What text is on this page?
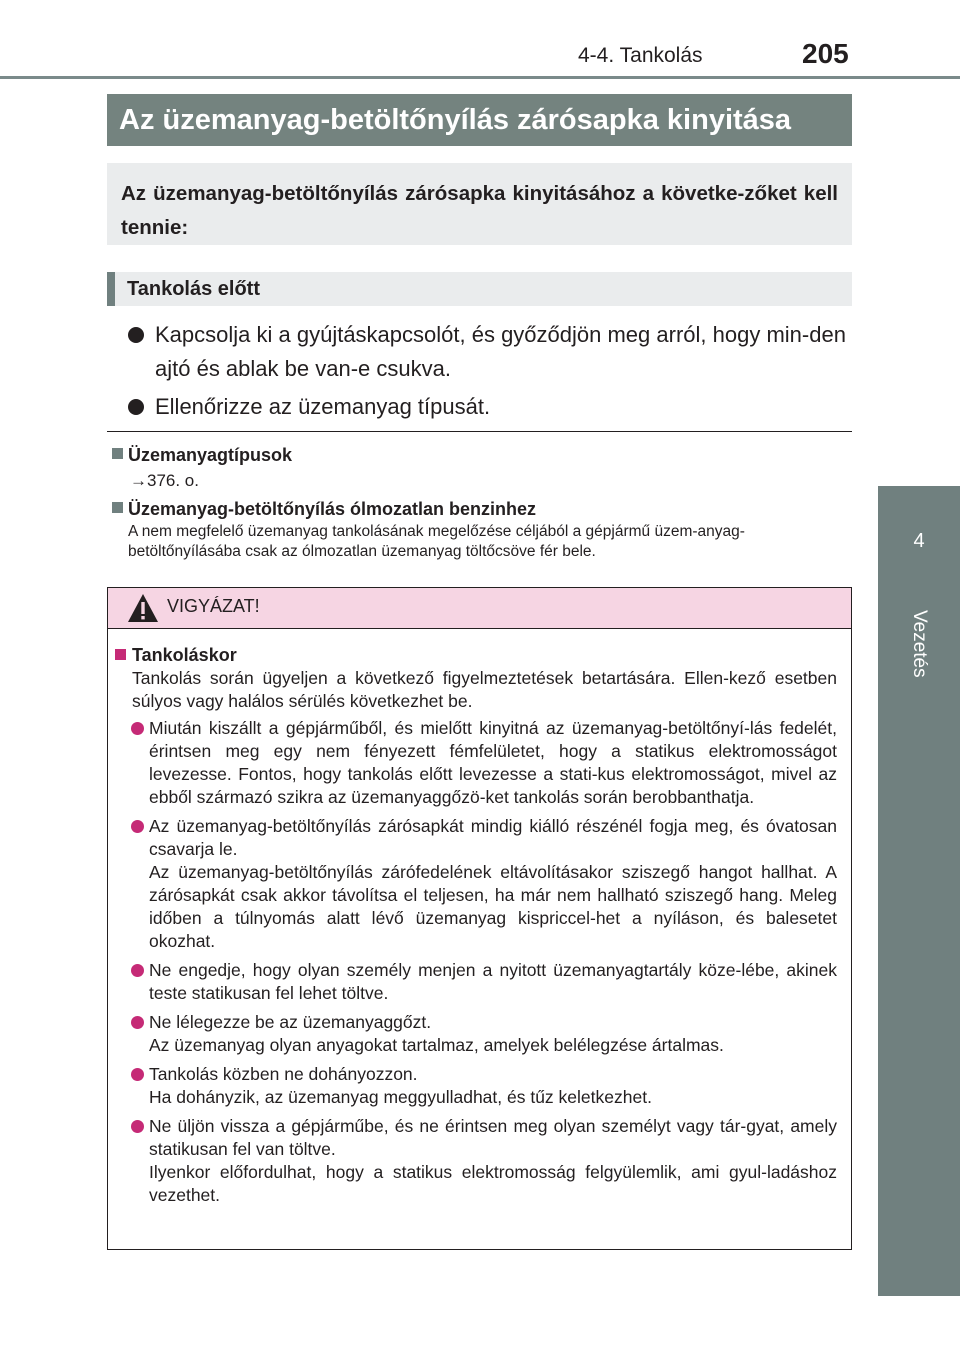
4-4. Tankolás	205
4
Vezetés
Az üzemanyag-betöltőnyílás zárósapka kinyitása
Az üzemanyag-betöltőnyílás zárósapka kinyitásához a követke-zőket kell tennie:
Tankolás előtt
Kapcsolja ki a gyújtáskapcsolót, és győződjön meg arról, hogy min-den ajtó és ablak be van-e csukva.
Ellenőrizze az üzemanyag típusát.
Üzemanyagtípusok
→376. o.
Üzemanyag-betöltőnyílás ólmozatlan benzinhez
A nem megfelelő üzemanyag tankolásának megelőzése céljából a gépjármű üzem-anyag-betöltőnyílásába csak az ólmozatlan üzemanyag töltőcsöve fér bele.
VIGYÁZAT!
Tankoláskor
Tankolás során ügyeljen a következő figyelmeztetések betartására. Ellen-kező esetben súlyos vagy halálos sérülés következhet be.
Miután kiszállt a gépjárműből, és mielőtt kinyitná az üzemanyag-betöltőnyí-lás fedelét, érintsen meg egy nem fényezett fémfelületet, hogy a statikus elektromosságot levezesse. Fontos, hogy tankolás előtt levezesse a stati-kus elektromosságot, mivel az ebből származó szikra az üzemanyaggőzö-ket tankolás során berobbanthatja.
Az üzemanyag-betöltőnyílás zárósapkát mindig kiálló részénél fogja meg, és óvatosan csavarja le.
Az üzemanyag-betöltőnyílás zárófedelének eltávolításakor sziszegő hangot hallhat. A zárósapkát csak akkor távolítsa el teljesen, ha már nem hallható sziszegő hang. Meleg időben a túlnyomás alatt lévő üzemanyag kispriccel-het a nyíláson, és balesetet okozhat.
Ne engedje, hogy olyan személy menjen a nyitott üzemanyagtartály köze-lébe, akinek teste statikusan fel lehet töltve.
Ne lélegezze be az üzemanyaggőzt.
Az üzemanyag olyan anyagokat tartalmaz, amelyek belélegzése ártalmas.
Tankolás közben ne dohányozzon.
Ha dohányzik, az üzemanyag meggyulladhat, és tűz keletkezhet.
Ne üljön vissza a gépjárműbe, és ne érintsen meg olyan személyt vagy tár-gyat, amely statikusan fel van töltve.
Ilyenkor előfordulhat, hogy a statikus elektromosság felgyülemlik, ami gyul-ladáshoz vezethet.
